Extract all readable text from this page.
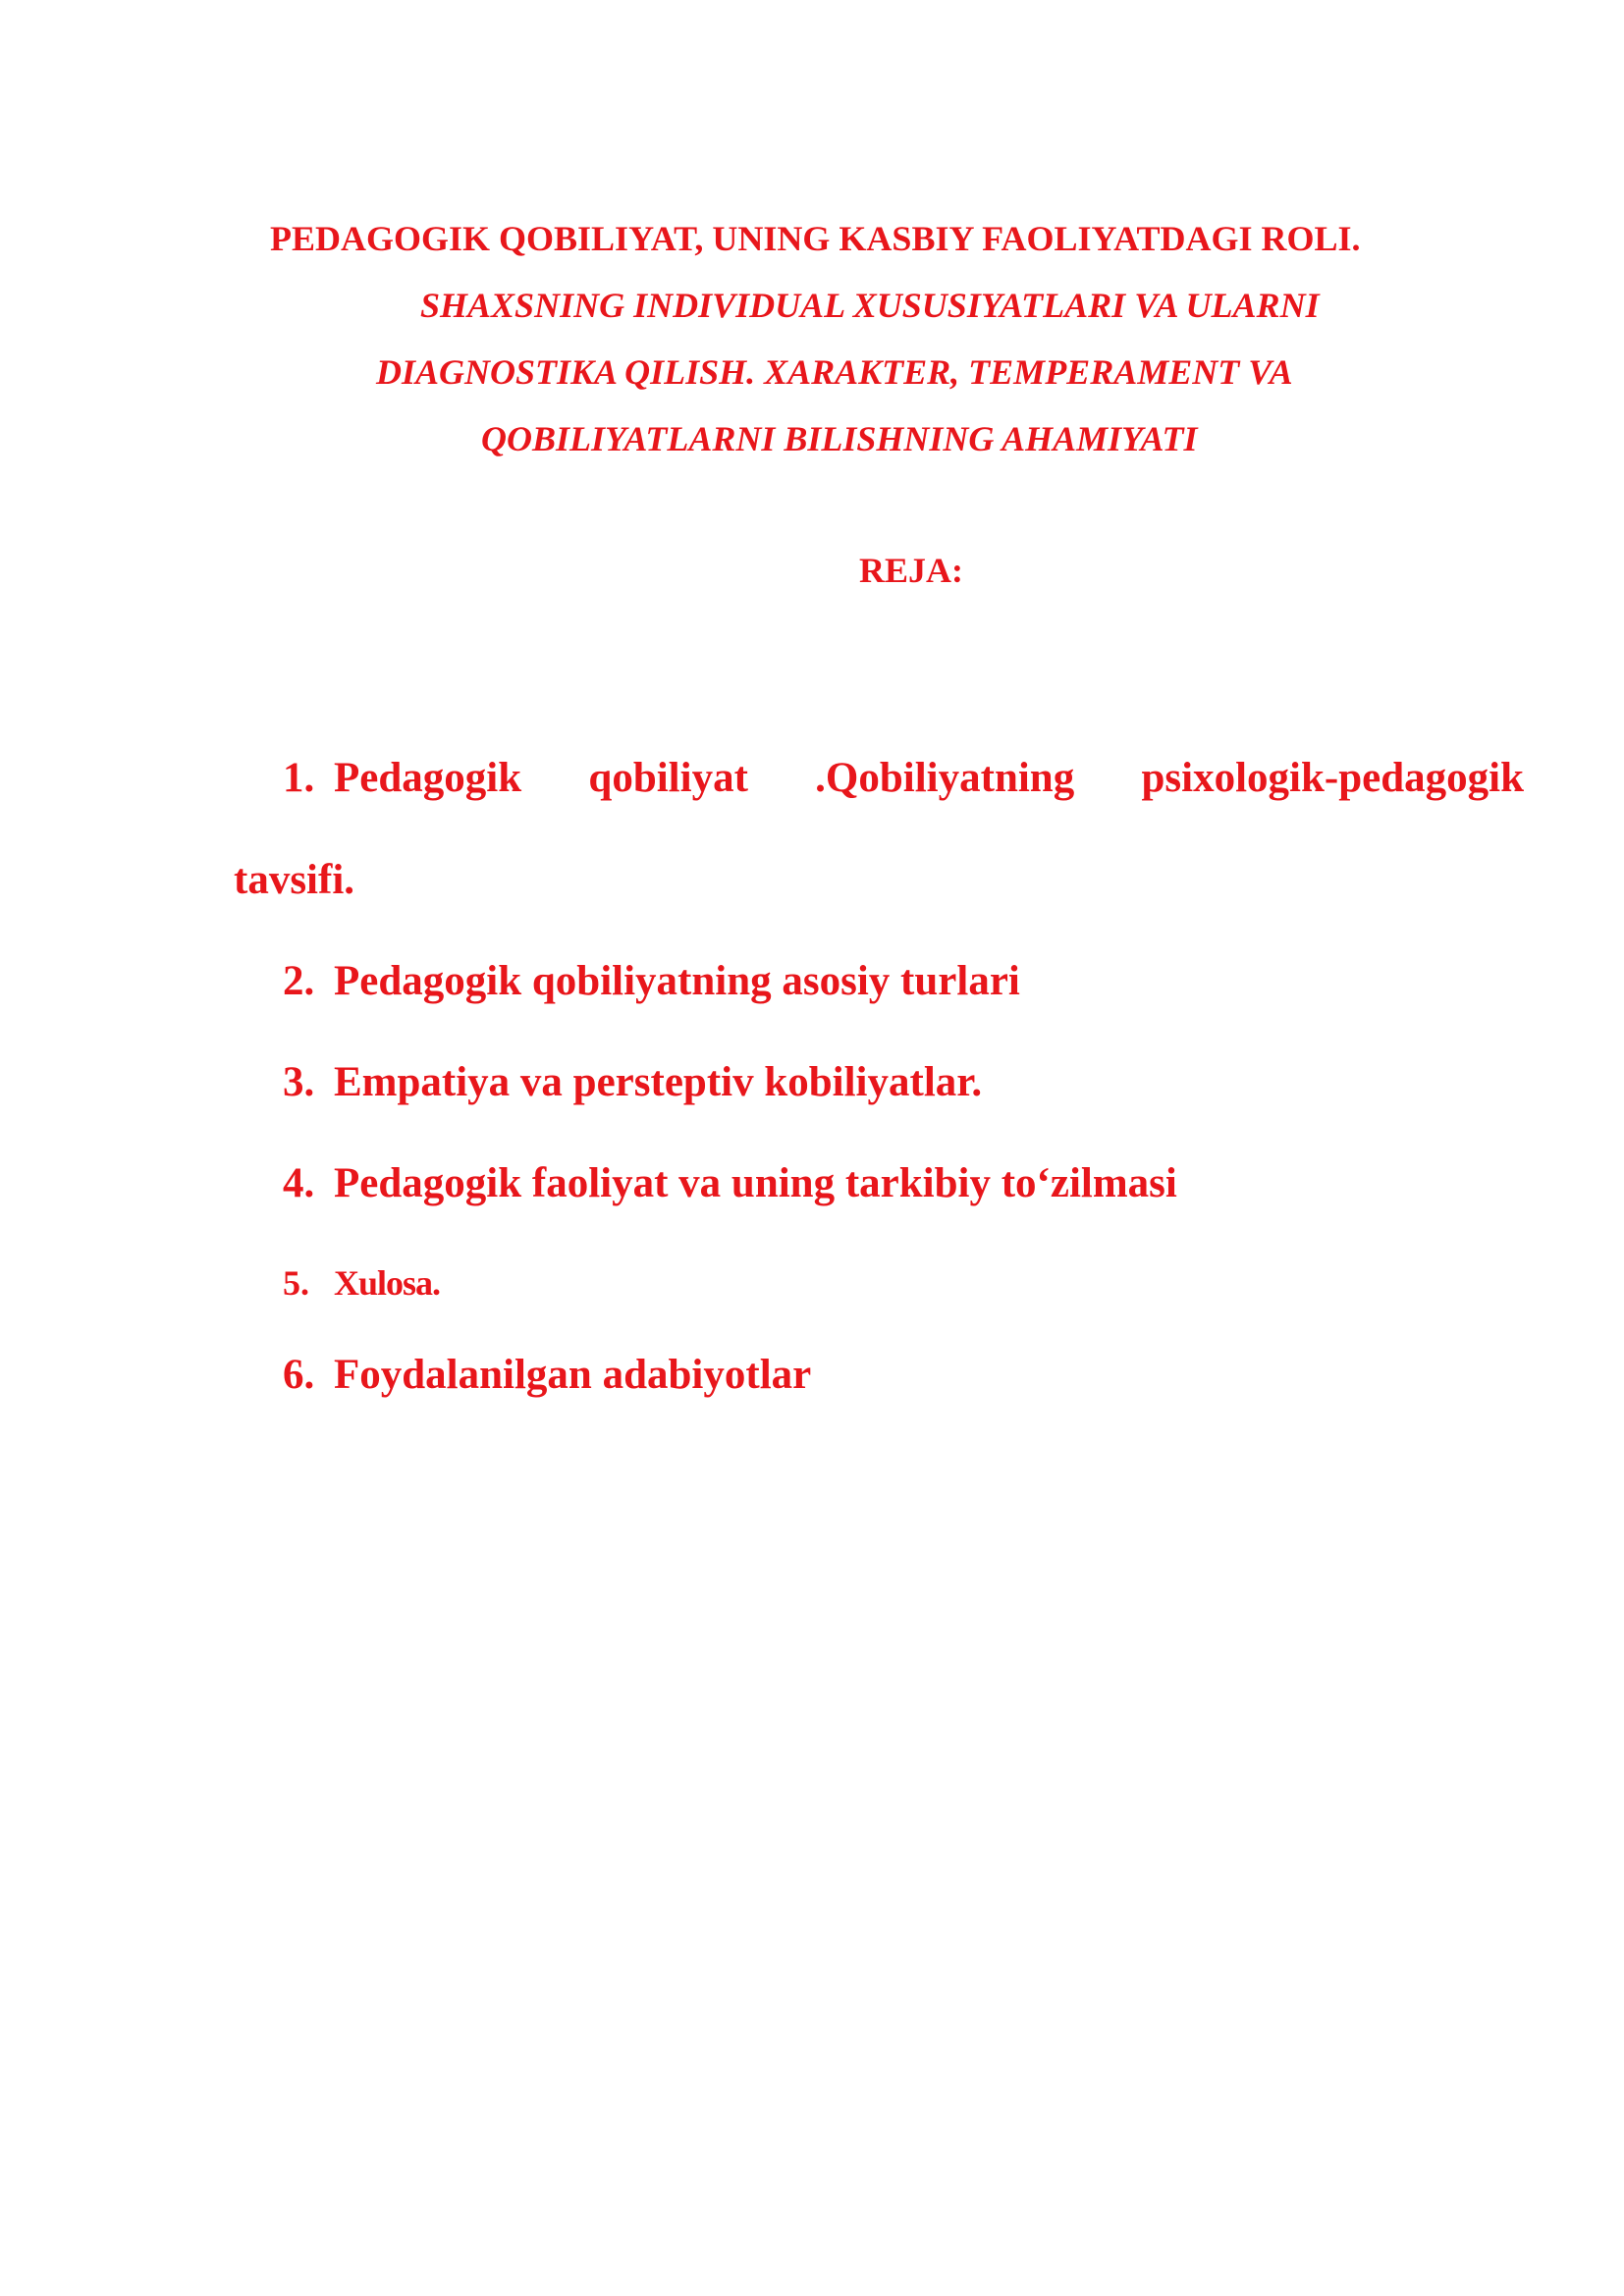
PEDAGOGIK QOBILIYAT, UNING KASBIY FAOLIYATDAGI ROLI.
SHAXSNING INDIVIDUAL XUSUSIYATLARI VA ULARNI
DIAGNOSTIKA QILISH. XARAKTER, TEMPERAMENT VA
QOBILIYATLARNI BILISHNING AHAMIYATI
REJA:
1. Pedagogik qobiliyat .Qobiliyatning psixologik-pedagogik
tavsifi.
2. Pedagogik qobiliyatning asosiy turlari
3. Empatiya va persteptiv kobiliyatlar.
4. Pedagogik faoliyat va uning tarkibiy to‘zilmasi
5. Xulosa.
6. Foydalanilgan adabiyotlar
